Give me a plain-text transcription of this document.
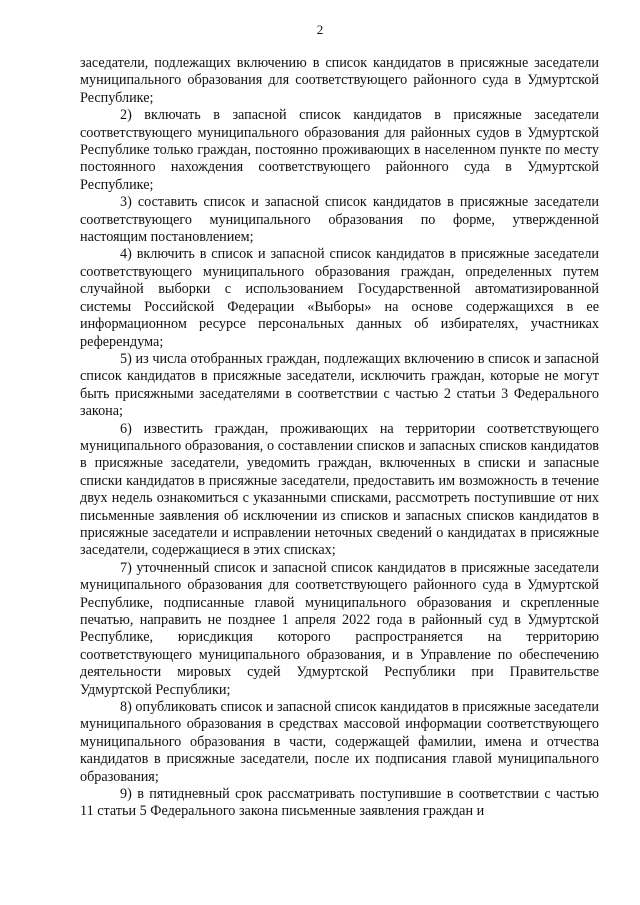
2

заседатели, подлежащих включению в список кандидатов в присяжные заседатели муниципального образования для соответствующего районного суда в Удмуртской Республике;

2) включать в запасной список кандидатов в присяжные заседатели соответствующего муниципального образования для районных судов в Удмуртской Республике только граждан, постоянно проживающих в населенном пункте по месту постоянного нахождения соответствующего районного суда в Удмуртской Республике;

3) составить список и запасной список кандидатов в присяжные заседатели соответствующего муниципального образования по форме, утвержденной настоящим постановлением;

4) включить в список и запасной список кандидатов в присяжные заседатели соответствующего муниципального образования граждан, определенных путем случайной выборки с использованием Государственной автоматизированной системы Российской Федерации «Выборы» на основе содержащихся в ее информационном ресурсе персональных данных об избирателях, участниках референдума;

5) из числа отобранных граждан, подлежащих включению в список и запасной список кандидатов в присяжные заседатели, исключить граждан, которые не могут быть присяжными заседателями в соответствии с частью 2 статьи 3 Федерального закона;

6) известить граждан, проживающих на территории соответствующего муниципального образования, о составлении списков и запасных списков кандидатов в присяжные заседатели, уведомить граждан, включенных в списки и запасные списки кандидатов в присяжные заседатели, предоставить им возможность в течение двух недель ознакомиться с указанными списками, рассмотреть поступившие от них письменные заявления об исключении из списков и запасных списков кандидатов в присяжные заседатели и исправлении неточных сведений о кандидатах в присяжные заседатели, содержащиеся в этих списках;

7) уточненный список и запасной список кандидатов в присяжные заседатели муниципального образования для соответствующего районного суда в Удмуртской Республике, подписанные главой муниципального образования и скрепленные печатью, направить не позднее 1 апреля 2022 года в районный суд в Удмуртской Республике, юрисдикция которого распространяется на территорию соответствующего муниципального образования, и в Управление по обеспечению деятельности мировых судей Удмуртской Республики при Правительстве Удмуртской Республики;

8) опубликовать список и запасной список кандидатов в присяжные заседатели муниципального образования в средствах массовой информации соответствующего муниципального образования в части, содержащей фамилии, имена и отчества кандидатов в присяжные заседатели, после их подписания главой муниципального образования;

9) в пятидневный срок рассматривать поступившие в соответствии с частью 11 статьи 5 Федерального закона письменные заявления граждан и
